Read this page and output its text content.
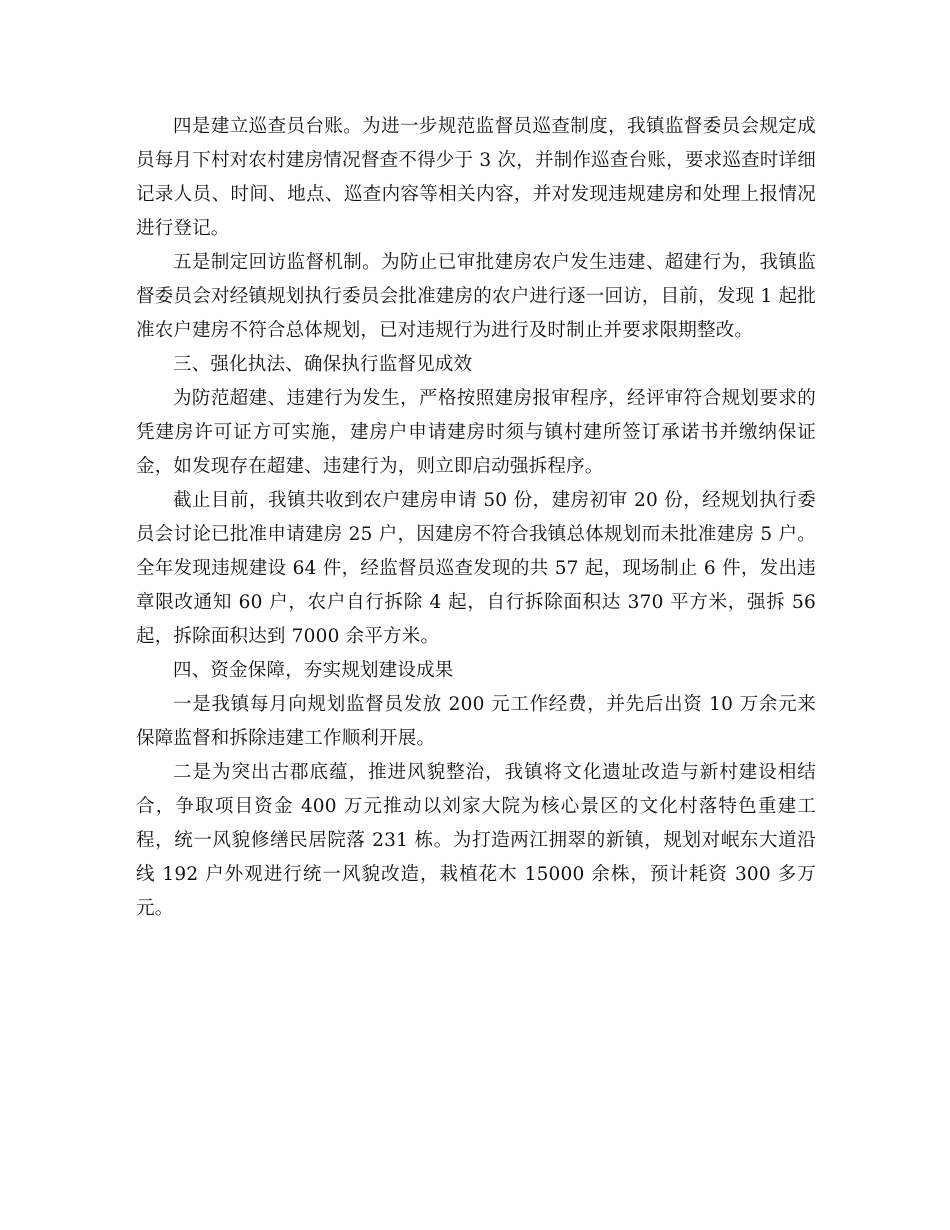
四是建立巡查员台账。为进一步规范监督员巡查制度，我镇监督委员会规定成员每月下村对农村建房情况督查不得少于 3 次，并制作巡查台账，要求巡查时详细记录人员、时间、地点、巡查内容等相关内容，并对发现违规建房和处理上报情况进行登记。

五是制定回访监督机制。为防止已审批建房农户发生违建、超建行为，我镇监督委员会对经镇规划执行委员会批准建房的农户进行逐一回访，目前，发现 1 起批准农户建房不符合总体规划，已对违规行为进行及时制止并要求限期整改。

三、强化执法、确保执行监督见成效

为防范超建、违建行为发生，严格按照建房报审程序，经评审符合规划要求的凭建房许可证方可实施，建房户申请建房时须与镇村建所签订承诺书并缴纳保证金，如发现存在超建、违建行为，则立即启动强拆程序。

截止目前，我镇共收到农户建房申请 50 份，建房初审 20 份，经规划执行委员会讨论已批准申请建房 25 户，因建房不符合我镇总体规划而未批准建房 5 户。全年发现违规建设 64 件，经监督员巡查发现的共 57 起，现场制止 6 件，发出违章限改通知 60 户，农户自行拆除 4 起，自行拆除面积达 370 平方米，强拆 56 起，拆除面积达到 7000 余平方米。

四、资金保障，夯实规划建设成果

一是我镇每月向规划监督员发放 200 元工作经费，并先后出资 10 万余元来保障监督和拆除违建工作顺利开展。

二是为突出古郡底蕴，推进风貌整治，我镇将文化遗址改造与新村建设相结合，争取项目资金 400 万元推动以刘家大院为核心景区的文化村落特色重建工程，统一风貌修缮民居院落 231 栋。为打造两江拥翠的新镇，规划对岷东大道沿线 192 户外观进行统一风貌改造，栽植花木 15000 余株，预计耗资 300 多万元。
